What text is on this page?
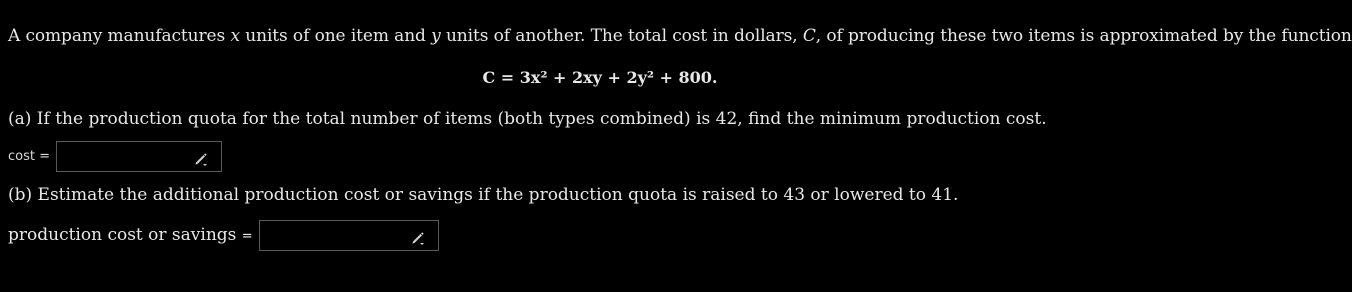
A company manufactures x units of one item and y units of another. The total cost in dollars, C, of producing these two items is approximated by the function
C = 3x² + 2xy + 2y² + 800.
(a) If the production quota for the total number of items (both types combined) is 42, find the minimum production cost.
cost =
(b) Estimate the additional production cost or savings if the production quota is raised to 43 or lowered to 41.
production cost or savings =
